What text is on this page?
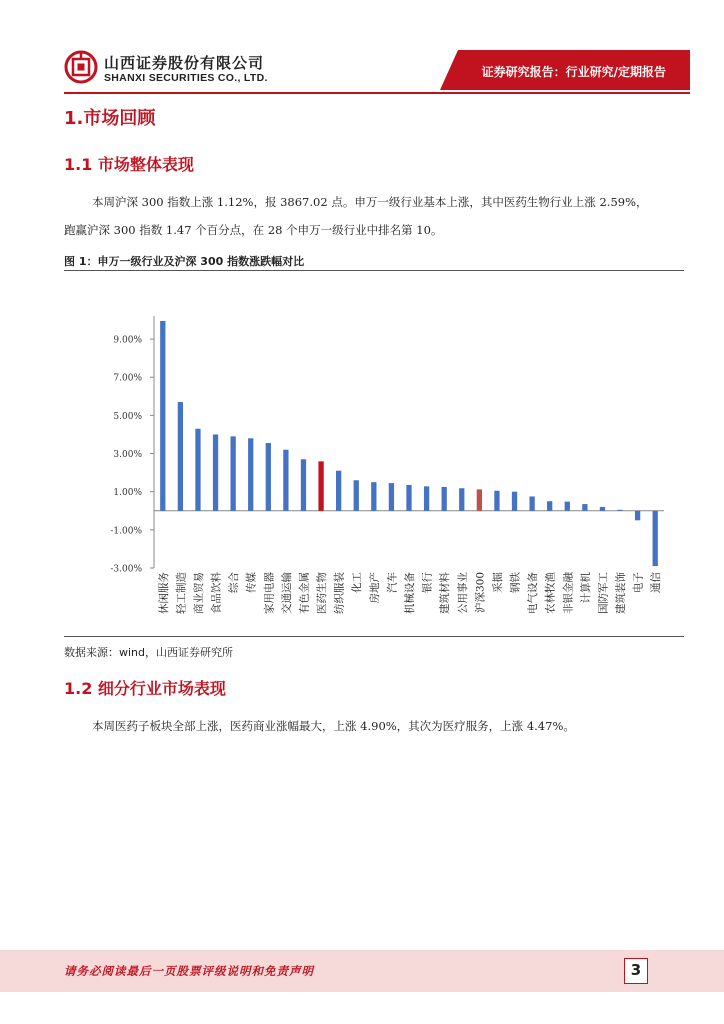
山西证券股份有限公司
SHANXI SECURITIES CO., LTD.	证券研究报告：行业研究/定期报告
1.市场回顾
1.1 市场整体表现
本周沪深 300 指数上涨 1.12%，报 3867.02 点。申万一级行业基本上涨，其中医药生物行业上涨 2.59%，
跑赢沪深 300 指数 1.47 个百分点，在 28 个申万一级行业中排名第 10。
图 1：申万一级行业及沪深 300 指数涨跌幅对比
-3.00%
-1.00%
1.00%
3.00%
5.00%
7.00%
9.00%
休闲服务 轻工制造 商业贸易 食品饮料 综合 传媒 家用电器 交通运输 有色金属 医药生物 纺织服装 化工 房地产 汽车 机械设备 银行 建筑材料 公用事业 沪深300 采掘 钢铁 电气设备 农林牧渔 非银金融 计算机 国防军工 建筑装饰 电子 通信
数据来源：wind，山西证券研究所
1.2 细分行业市场表现
本周医药子板块全部上涨，医药商业涨幅最大，上涨 4.90%，其次为医疗服务，上涨 4.47%。
请务必阅读最后一页股票评级说明和免责声明	3
